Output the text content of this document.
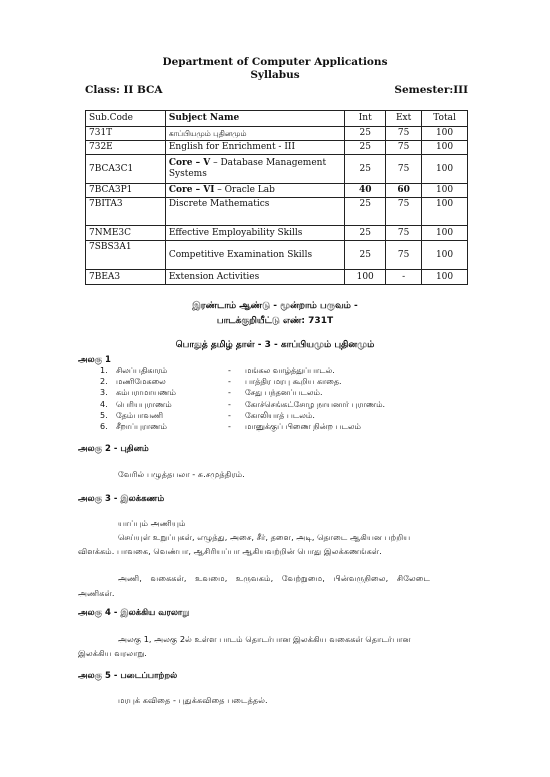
Department of Computer Applications
Syllabus
Class: II BCA	Semester:III
Sub.Code	Subject Name	Int	Ext	Total
731T	காப்பியமும் புதினமும்	25	75	100
732E	English for Enrichment - III	25	75	100
7BCA3C1	Core – V – Database Management Systems	25	75	100
7BCA3P1	Core – VI – Oracle Lab	40	60	100
7BITA3	Discrete Mathematics	25	75	100
7NME3C	Effective Employability Skills	25	75	100
7SBS3A1	Competitive Examination Skills	25	75	100
7BEA3	Extension Activities	100	-	100
இரண்டாம் ஆண்டு - மூன்றாம் பருவம் -
பாடக்குறியீட்டு எண்: 731T
பொதுத் தமிழ் தாள் - 3 - காப்பியமும் புதினமும்
அலகு 1
1.	சிலப்பதிகாரம்	- மங்கல வாழ்த்துப்பாடல்.
2.	மணிமேகலை	- பாத்திர மரபு கூறிய காதை.
3.	கம்பராமாயணம்	- சேது பந்தனப்படலம்.
4.	பெரியபுராணம்	- கோச்செங்கட்சோழ நாயனார் புராணம்.
5.	தேம்பாவணி	- கோலியாத் படலம்.
6.	சீறாப்புராணம்	- மானுக்குப் பிணை நின்ற படலம்
அலகு 2 - புதினம்
வேரில் பழுத்தபலா - சு.சமுத்திரம்.
அலகு 3 - இலக்கணம்
யாப்பும் அணியும்
செய்யுள் உறுப்புகள், எழுத்து, அசை, சீர், தளை, அடி, தொடை ஆகியன பற்றிய
விளக்கம். பாவகை, வெண்பா, ஆசிரியப்பா ஆகியவற்றின் பொது இலக்கணங்கள்.
அணி, வகைகள், உவமை, உருவகம், வேற்றுமை, பின்வருநிலை, சிலேடை
அணிகள்.
அலகு 4 - இலக்கிய வரலாறு
அலகு 1, அலகு 2ல் உள்ள பாடம் தொடர்பான இலக்கிய வகைகள் தொடர்பான
இலக்கிய வரலாறு.
அலகு 5 - படைப்பாற்றல்
மரபுக் கவிதை - புதுக்கவிதை படைத்தல்.
